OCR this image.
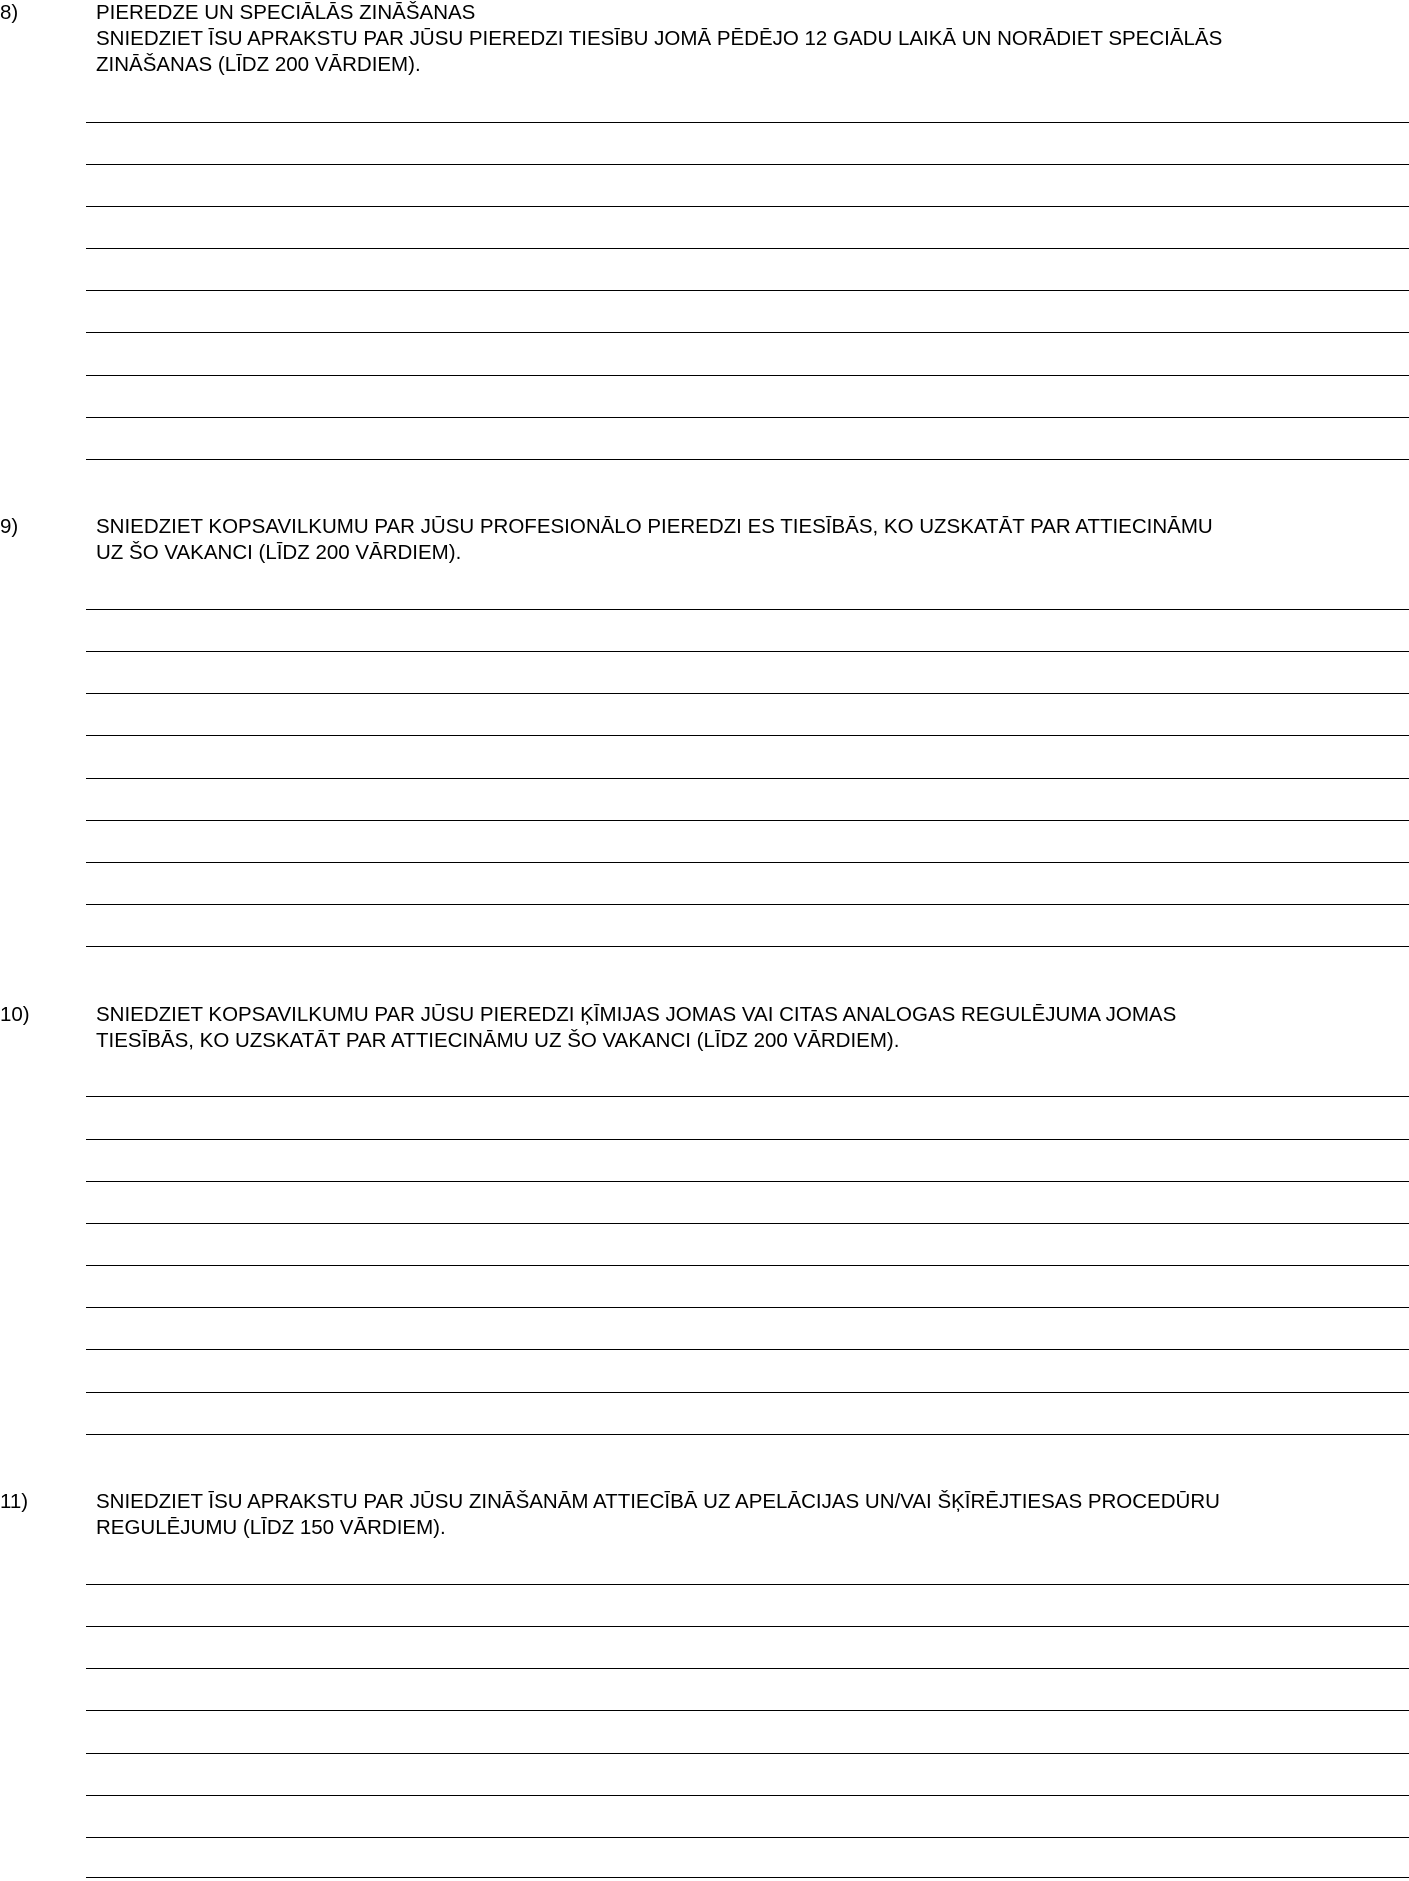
8)	PIEREDZE UN SPECIĀLĀS ZINĀŠANAS
SNIEDZIET ĪSU APRAKSTU PAR JŪSU PIEREDZI TIESĪBU JOMĀ PĒDĒJO 12 GADU LAIKĀ UN NORĀDIET SPECIĀLĀS
ZINĀŠANAS (LĪDZ 200 VĀRDIEM).
9)	SNIEDZIET KOPSAVILKUMU PAR JŪSU PROFESIONĀLO PIEREDZI ES TIESĪBĀS, KO UZSKATĀT PAR ATTIECINĀMU
UZ ŠO VAKANCI (LĪDZ 200 VĀRDIEM).
10)	SNIEDZIET KOPSAVILKUMU PAR JŪSU PIEREDZI ĶĪMIJAS JOMAS VAI CITAS ANALOGAS REGULĒJUMA JOMAS
TIESĪBĀS, KO UZSKATĀT PAR ATTIECINĀMU UZ ŠO VAKANCI (LĪDZ 200 VĀRDIEM).
11)	SNIEDZIET ĪSU APRAKSTU PAR JŪSU ZINĀŠANĀM ATTIECĪBĀ UZ APELĀCIJAS UN/VAI ŠĶĪRĒJTIESAS PROCEDŪRU
REGULĒJUMU (LĪDZ 150 VĀRDIEM).
